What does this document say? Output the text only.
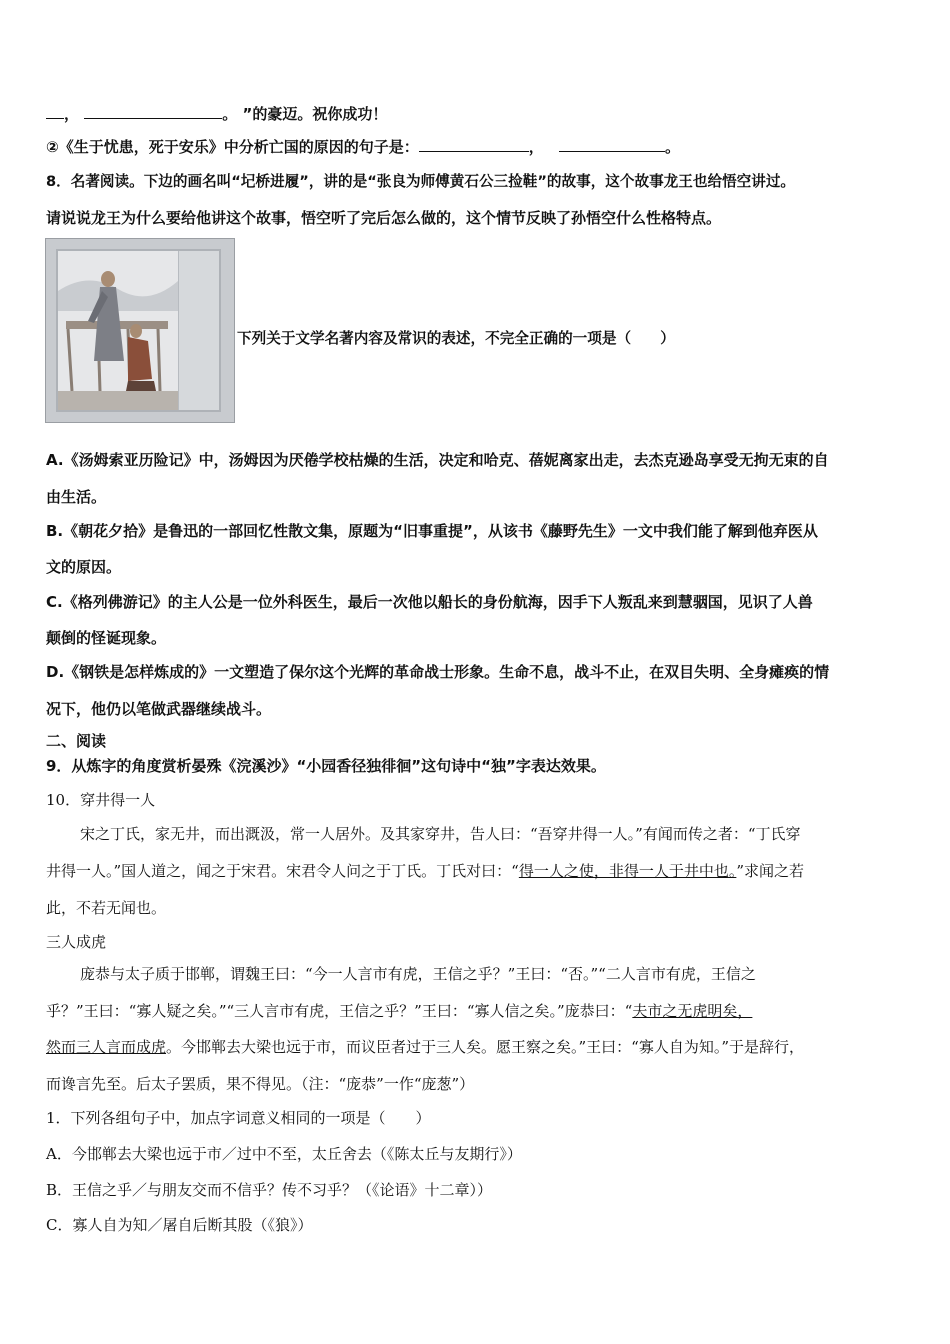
，	。 ”的豪迈。祝你成功！
②《生于忧患，死于安乐》中分析亡国的原因的句子是：	，	。
8．名著阅读。下边的画名叫“圮桥进履”，讲的是“张良为师傅黄石公三捡鞋”的故事，这个故事龙王也给悟空讲过。
请说说龙王为什么要给他讲这个故事，悟空听了完后怎么做的，这个情节反映了孙悟空什么性格特点。
下列关于文学名著内容及常识的表述，不完全正确的一项是（　　）
A.《汤姆索亚历险记》中，汤姆因为厌倦学校枯燥的生活，决定和哈克、蓓妮离家出走，去杰克逊岛享受无拘无束的自
由生活。
B.《朝花夕拾》是鲁迅的一部回忆性散文集，原题为“旧事重提”，从该书《藤野先生》一文中我们能了解到他弃医从
文的原因。
C.《格列佛游记》的主人公是一位外科医生，最后一次他以船长的身份航海，因手下人叛乱来到慧骃国，见识了人兽
颠倒的怪诞现象。
D.《钢铁是怎样炼成的》一文塑造了保尔这个光辉的革命战士形象。生命不息，战斗不止，在双目失明、全身瘫痪的情
况下，他仍以笔做武器继续战斗。
二、阅读
9．从炼字的角度赏析晏殊《浣溪沙》“小园香径独徘徊”这句诗中“独”字表达效果。
10．穿井得一人
宋之丁氏，家无井，而出溉汲，常一人居外。及其家穿井，告人曰：“吾穿井得一人。”有闻而传之者：“丁氏穿
井得一人。”国人道之，闻之于宋君。宋君令人问之于丁氏。丁氏对曰：“得一人之使，非得一人于井中也。”求闻之若
此，不若无闻也。
三人成虎
庞恭与太子质于邯郸，谓魏王曰：“今一人言市有虎，王信之乎？”王曰：“否。”“二人言市有虎，王信之
乎？”王曰：“寡人疑之矣。”“三人言市有虎，王信之乎？”王曰：“寡人信之矣。”庞恭曰：“夫市之无虎明矣，
然而三人言而成虎。今邯郸去大梁也远于市，而议臣者过于三人矣。愿王察之矣。”王曰：“寡人自为知。”于是辞行，
而谗言先至。后太子罢质，果不得见。（注：“庞恭”一作“庞葱”）
1．下列各组句子中，加点字词意义相同的一项是（　　）
A．今邯郸去大梁也远于市／过中不至，太丘舍去（《陈太丘与友期行》）
B．王信之乎／与朋友交而不信乎？传不习乎？（《论语》十二章））
C．寡人自为知／屠自后断其股（《狼》）
